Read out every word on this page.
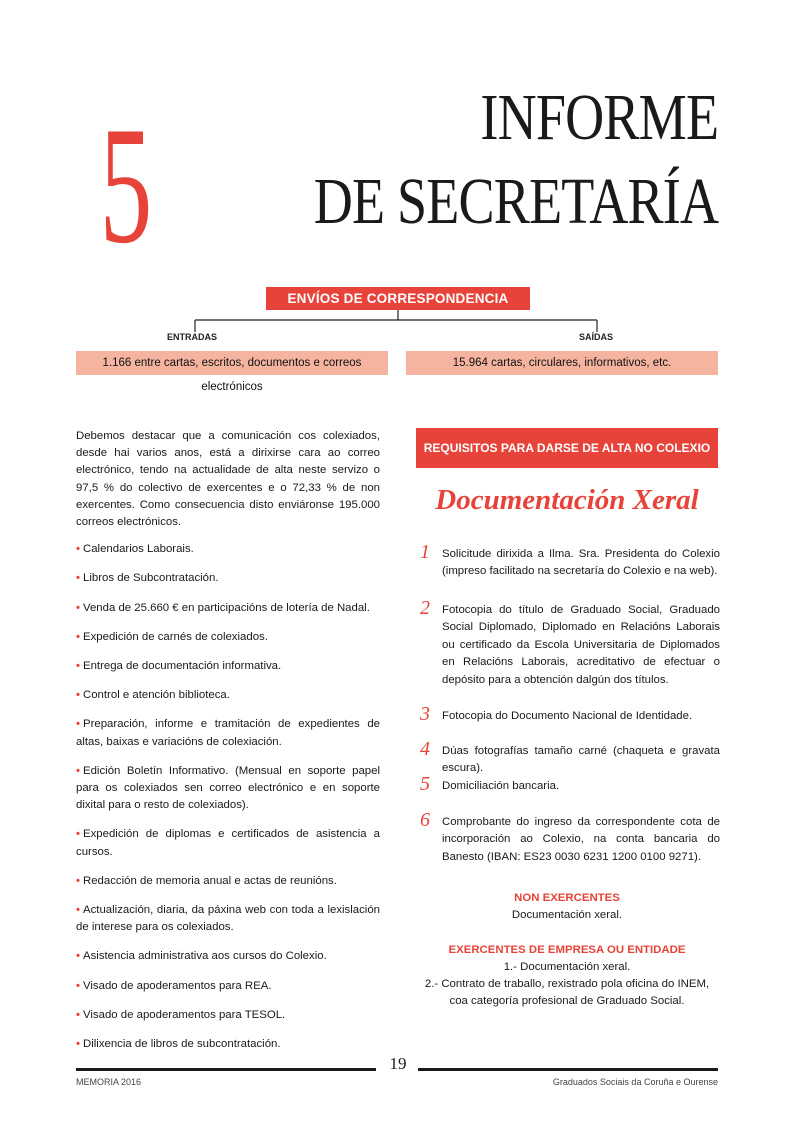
5	INFORME
DE SECRETARÍA
ENVÍOS DE CORRESPONDENCIA
ENTRADAS	SAÍDAS
1.166 entre cartas, escritos, documentos e correos electrónicos
15.964 cartas, circulares, informativos, etc.

Debemos destacar que a comunicación cos colexiados, desde hai varios anos, está a dirixirse cara ao correo electrónico, tendo na actualidade de alta neste servizo o 97,5 % do colectivo de exercentes e o 72,33 % de non exercentes. Como consecuencia disto enviáronse 195.000 correos electrónicos.

• Calendarios Laborais.
• Libros de Subcontratación.
• Venda de 25.660 € en participacións de lotería de Nadal.
• Expedición de carnés de colexiados.
• Entrega de documentación informativa.
• Control e atención biblioteca.
• Preparación, informe e tramitación de expedientes de altas, baixas e variacións de colexiación.
• Edición Boletín Informativo. (Mensual en soporte papel para os colexiados sen correo electrónico e en soporte dixital para o resto de colexiados).
• Expedición de diplomas e certificados de asistencia a cursos.
• Redacción de memoria anual e actas de reunións.
• Actualización, diaria, da páxina web con toda a lexislación de interese para os colexiados.
• Asistencia administrativa aos cursos do Colexio.
• Visado de apoderamentos para REA.
• Visado de apoderamentos para TESOL.
• Dilixencia de libros de subcontratación.
REQUISITOS PARA DARSE DE ALTA NO COLEXIO
Documentación Xeral
1	Solicitude dirixida a Ilma. Sra. Presidenta do Colexio (impreso facilitado na secretaría do Colexio e na web).
2	Fotocopia do título de Graduado Social, Graduado Social Diplomado, Diplomado en Relacións Laborais ou certificado da Escola Universitaria de Diplomados en Relacións Laborais, acreditativo de efectuar o depósito para a obtención dalgún dos títulos.
3	Fotocopia do Documento Nacional de Identidade.
4	Dúas fotografías tamaño carné (chaqueta e gravata escura).
5	Domiciliación bancaria.
6	Comprobante do ingreso da correspondente cota de incorporación ao Colexio, na conta bancaria do Banesto (IBAN: ES23 0030 6231 1200 0100 9271).
NON EXERCENTES
Documentación xeral.
EXERCENTES DE EMPRESA OU ENTIDADE
1.- Documentación xeral.
2.- Contrato de traballo, rexistrado pola oficina do INEM,
coa categoría profesional de Graduado Social.
19
MEMORIA 2016	Graduados Sociais da Coruña e Ourense
